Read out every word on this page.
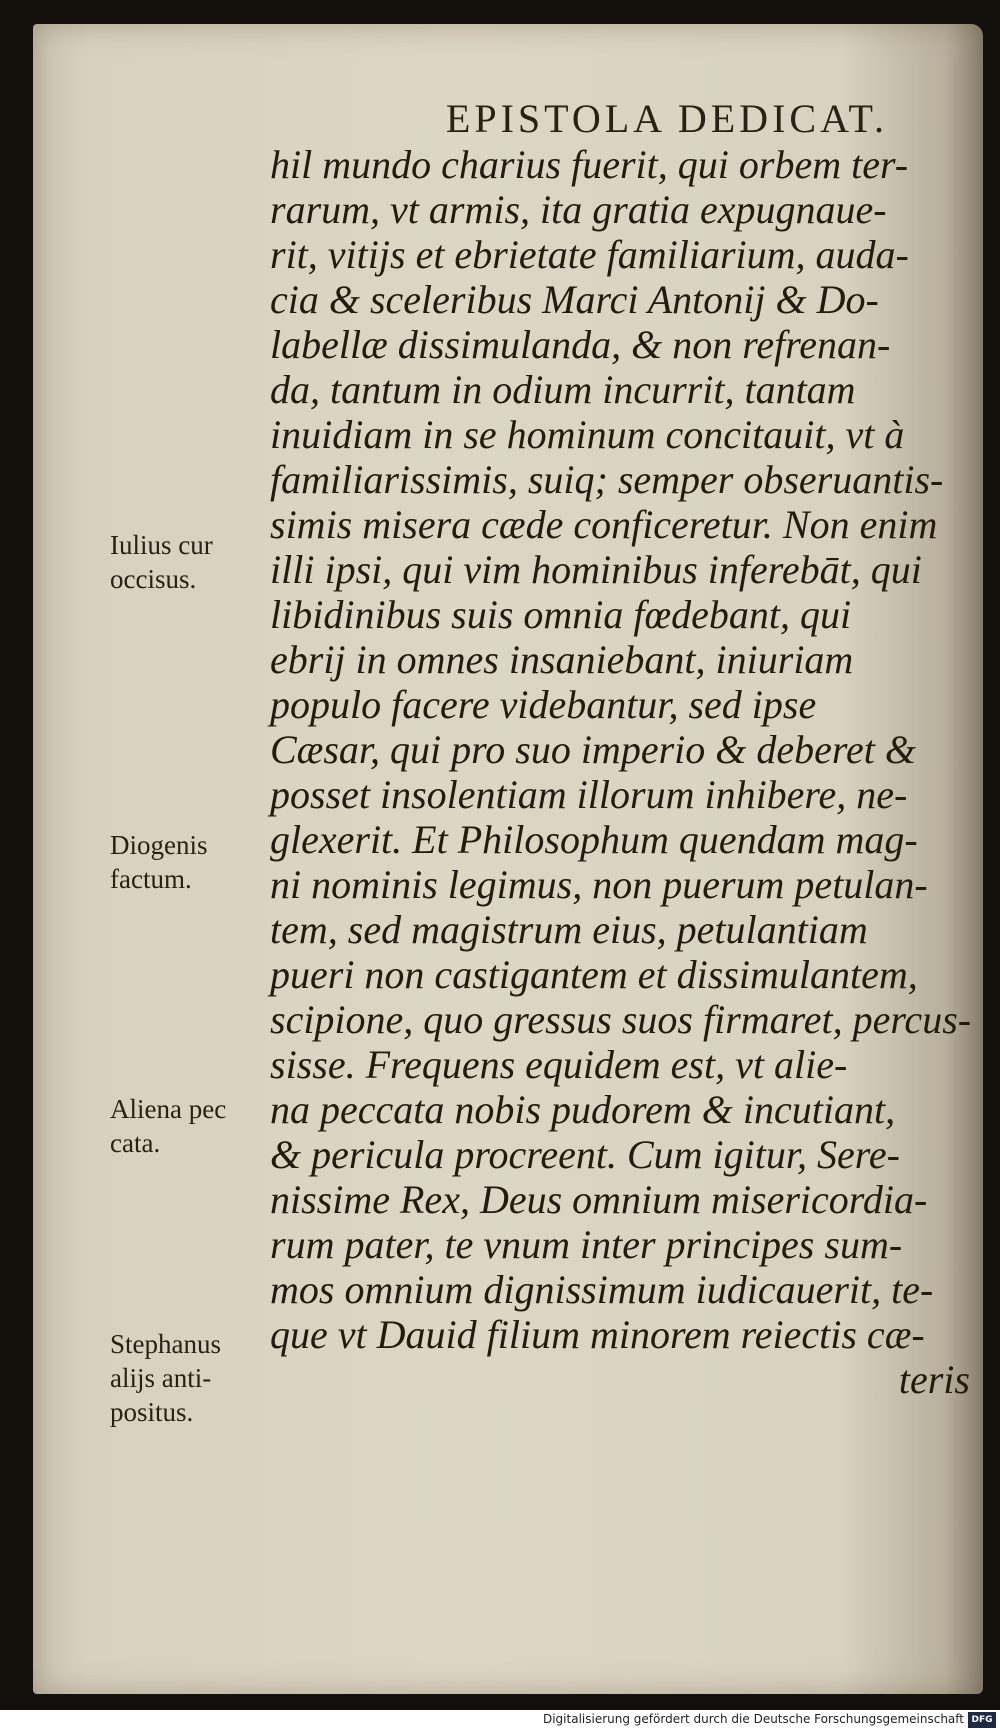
EPISTOLA DEDICAT.
hil mundo charius fuerit, qui orbem ter-
rarum, vt armis, ita gratia expugnaue-
rit, vitijs et ebrietate familiarium, auda-
cia & sceleribus Marci Antonij & Do-
labellæ dissimulanda, & non refrenan-
da, tantum in odium incurrit, tantam
inuidiam in se hominum concitauit, vt à
familiarissimis, suiq; semper obseruantis-
simis misera cæde conficeretur. Non enim
illi ipsi, qui vim hominibus inferebāt, qui
libidinibus suis omnia fœdebant, qui
ebrij in omnes insaniebant, iniuriam
populo facere videbantur, sed ipse
Cæsar, qui pro suo imperio & deberet &
posset insolentiam illorum inhibere, ne-
glexerit. Et Philosophum quendam mag-
ni nominis legimus, non puerum petulan-
tem, sed magistrum eius, petulantiam
pueri non castigantem et dissimulantem,
scipione, quo gressus suos firmaret, percus-
sisse. Frequens equidem est, vt alie-
na peccata nobis pudorem & incutiant,
& pericula procreent. Cum igitur, Sere-
nissime Rex, Deus omnium misericordia-
rum pater, te vnum inter principes sum-
mos omnium dignissimum iudicauerit, te-
que vt Dauid filium minorem reiectis cæ-
teris
Iulius cur
occisus.
Diogenis
factum.
Aliena pec
cata.
Stephanus
alijs anti-
positus.
Digitalisierung gefördert durch die Deutsche Forschungsgemeinschaft DFG
